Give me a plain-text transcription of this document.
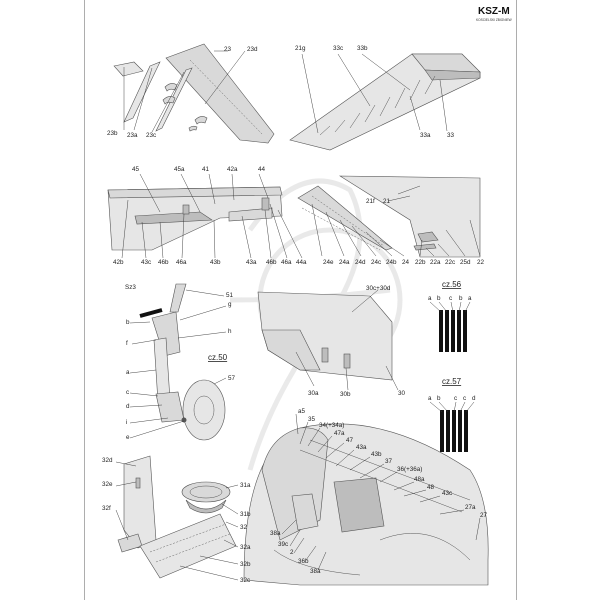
KSZ-M
KOSCIELSKI ZBIGNIEW
23	23d
23b 23a 23c
21g	33c 33b
33a	33
45	45a	41	42a	44
42b	43c 46b 46a	43b	43a 46b 46a 44a
21f 21
24e 24a 24d 24c 24b 24 22b 22a 22c 25d 22
Sz3
51
g
b
h
f
cz.50
a
57
c
d
i
e
30c+30d
30a	30b	30
cz.56
a b c b a
cz.57
a b c c d
a5
35
34(+34a)
47a
47
43a
43b
37
36(+36a)
48a
48
43c
27a
27
38a
39c
2
36b
38a
32d
32e
32f
31a
31b
32
32a
32b
32c
